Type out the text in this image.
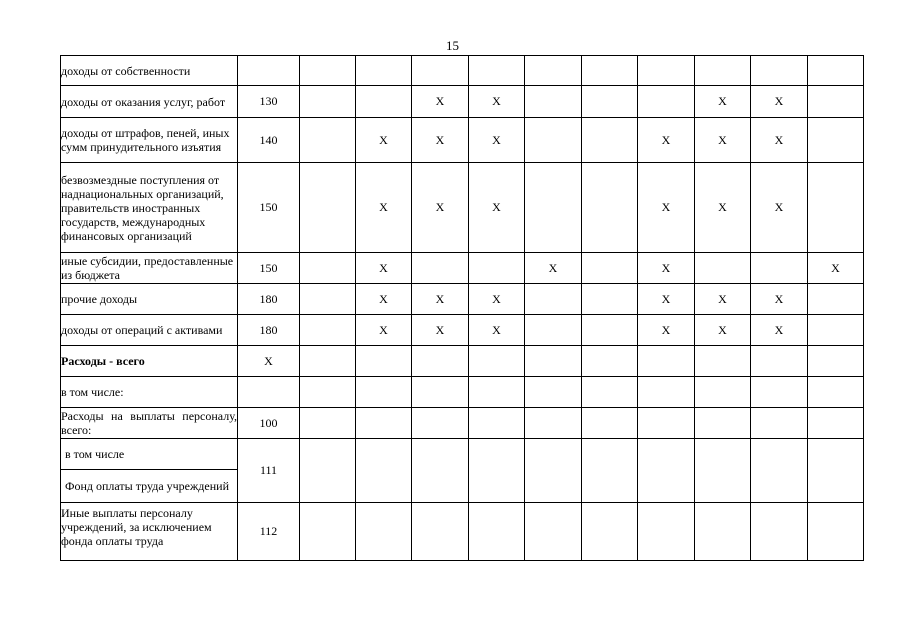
15
доходы от собственности												
доходы от оказания услуг, работ	130			X	X				X	X		
доходы от штрафов, пеней, иных сумм принудительного изъятия	140		X	X	X			X	X	X		
безвозмездные поступления от наднациональных организаций, правительств иностранных государств, международных финансовых организаций	150		X	X	X			X	X	X		
иные субсидии, предоставленные из бюджета	150		X			X		X			X	
прочие доходы	180		X	X	X			X	X	X		
доходы от операций с активами	180		X	X	X			X	X	X		
Расходы - всего	X											
в том числе:												
Расходы на выплаты персоналу, всего:	100											

в том числе
Фонд оплаты труда учреждений	111											
Иные выплаты персоналу учреждений, за исключением фонда оплаты труда	112											
